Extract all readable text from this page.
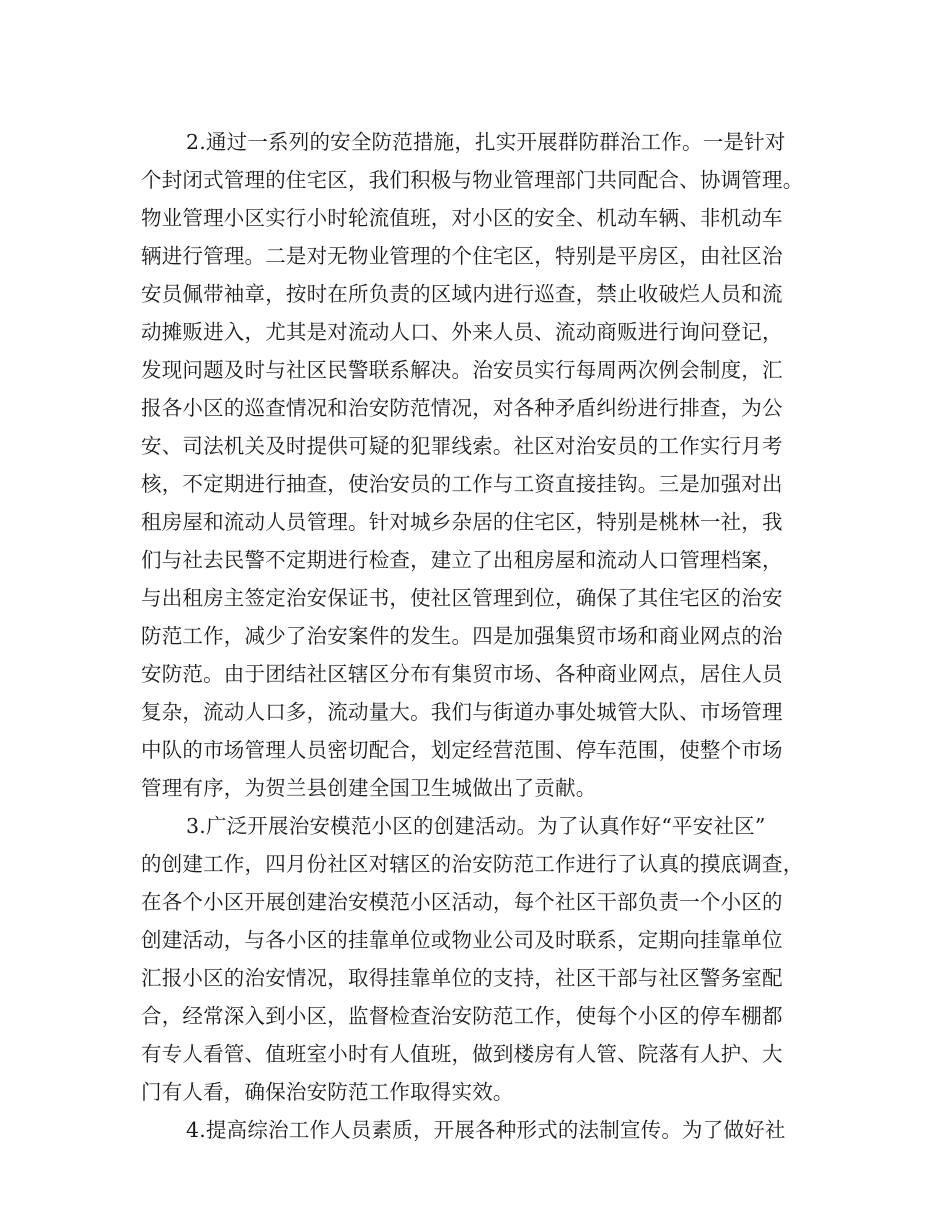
2.通过一系列的安全防范措施，扎实开展群防群治工作。一是针对
个封闭式管理的住宅区，我们积极与物业管理部门共同配合、协调管理。
物业管理小区实行小时轮流值班，对小区的安全、机动车辆、非机动车
辆进行管理。二是对无物业管理的个住宅区，特别是平房区，由社区治
安员佩带袖章，按时在所负责的区域内进行巡查，禁止收破烂人员和流
动摊贩进入，尤其是对流动人口、外来人员、流动商贩进行询问登记，
发现问题及时与社区民警联系解决。治安员实行每周两次例会制度，汇
报各小区的巡查情况和治安防范情况，对各种矛盾纠纷进行排查，为公
安、司法机关及时提供可疑的犯罪线索。社区对治安员的工作实行月考
核，不定期进行抽查，使治安员的工作与工资直接挂钩。三是加强对出
租房屋和流动人员管理。针对城乡杂居的住宅区，特别是桃林一社，我
们与社去民警不定期进行检查，建立了出租房屋和流动人口管理档案，
与出租房主签定治安保证书，使社区管理到位，确保了其住宅区的治安
防范工作，减少了治安案件的发生。四是加强集贸市场和商业网点的治
安防范。由于团结社区辖区分布有集贸市场、各种商业网点，居住人员
复杂，流动人口多，流动量大。我们与街道办事处城管大队、市场管理
中队的市场管理人员密切配合，划定经营范围、停车范围，使整个市场
管理有序，为贺兰县创建全国卫生城做出了贡献。
3.广泛开展治安模范小区的创建活动。为了认真作好“平安社区”
的创建工作，四月份社区对辖区的治安防范工作进行了认真的摸底调查，
在各个小区开展创建治安模范小区活动，每个社区干部负责一个小区的
创建活动，与各小区的挂靠单位或物业公司及时联系，定期向挂靠单位
汇报小区的治安情况，取得挂靠单位的支持，社区干部与社区警务室配
合，经常深入到小区，监督检查治安防范工作，使每个小区的停车棚都
有专人看管、值班室小时有人值班，做到楼房有人管、院落有人护、大
门有人看，确保治安防范工作取得实效。
4.提高综治工作人员素质，开展各种形式的法制宣传。为了做好社
